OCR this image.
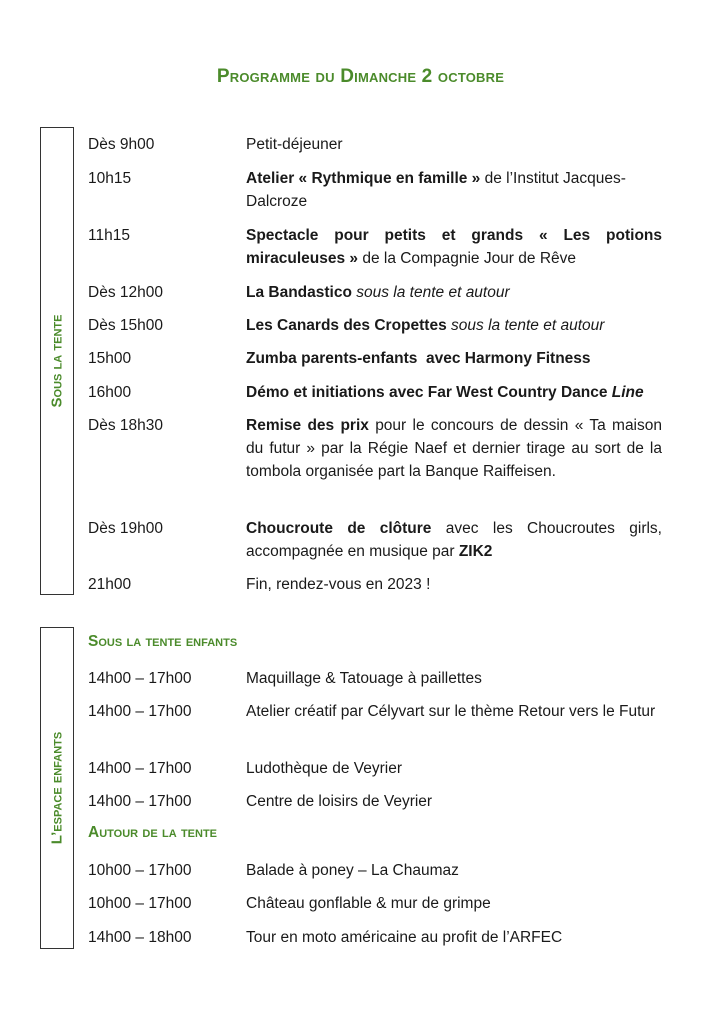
Programme du Dimanche 2 octobre
Sous la tente
Dès 9h00	Petit-déjeuner
10h15	Atelier « Rythmique en famille » de l’Institut Jacques-Dalcroze
11h15	Spectacle pour petits et grands « Les potions miraculeuses » de la Compagnie Jour de Rêve
Dès 12h00	La Bandastico sous la tente et autour
Dès 15h00	Les Canards des Cropettes sous la tente et autour
15h00	Zumba parents-enfants  avec Harmony Fitness
16h00	Démo et initiations avec Far West Country Dance Line
Dès 18h30	Remise des prix pour le concours de dessin « Ta maison du futur » par la Régie Naef et dernier tirage au sort de la tombola organisée part la Banque Raiffeisen.
Dès 19h00	Choucroute de clôture avec les Choucroutes girls, accompagnée en musique par ZIK2
21h00	Fin, rendez-vous en 2023 !
L’espace enfants
Sous la tente enfants
14h00 – 17h00	Maquillage & Tatouage à paillettes
14h00 – 17h00	Atelier créatif par Célyvart sur le thème Retour vers le Futur
14h00 – 17h00	Ludothèque de Veyrier
14h00 – 17h00	Centre de loisirs de Veyrier
Autour de la tente
10h00 – 17h00	Balade à poney – La Chaumaz
10h00 – 17h00	Château gonflable & mur de grimpe
14h00 – 18h00	Tour en moto américaine au profit de l’ARFEC
